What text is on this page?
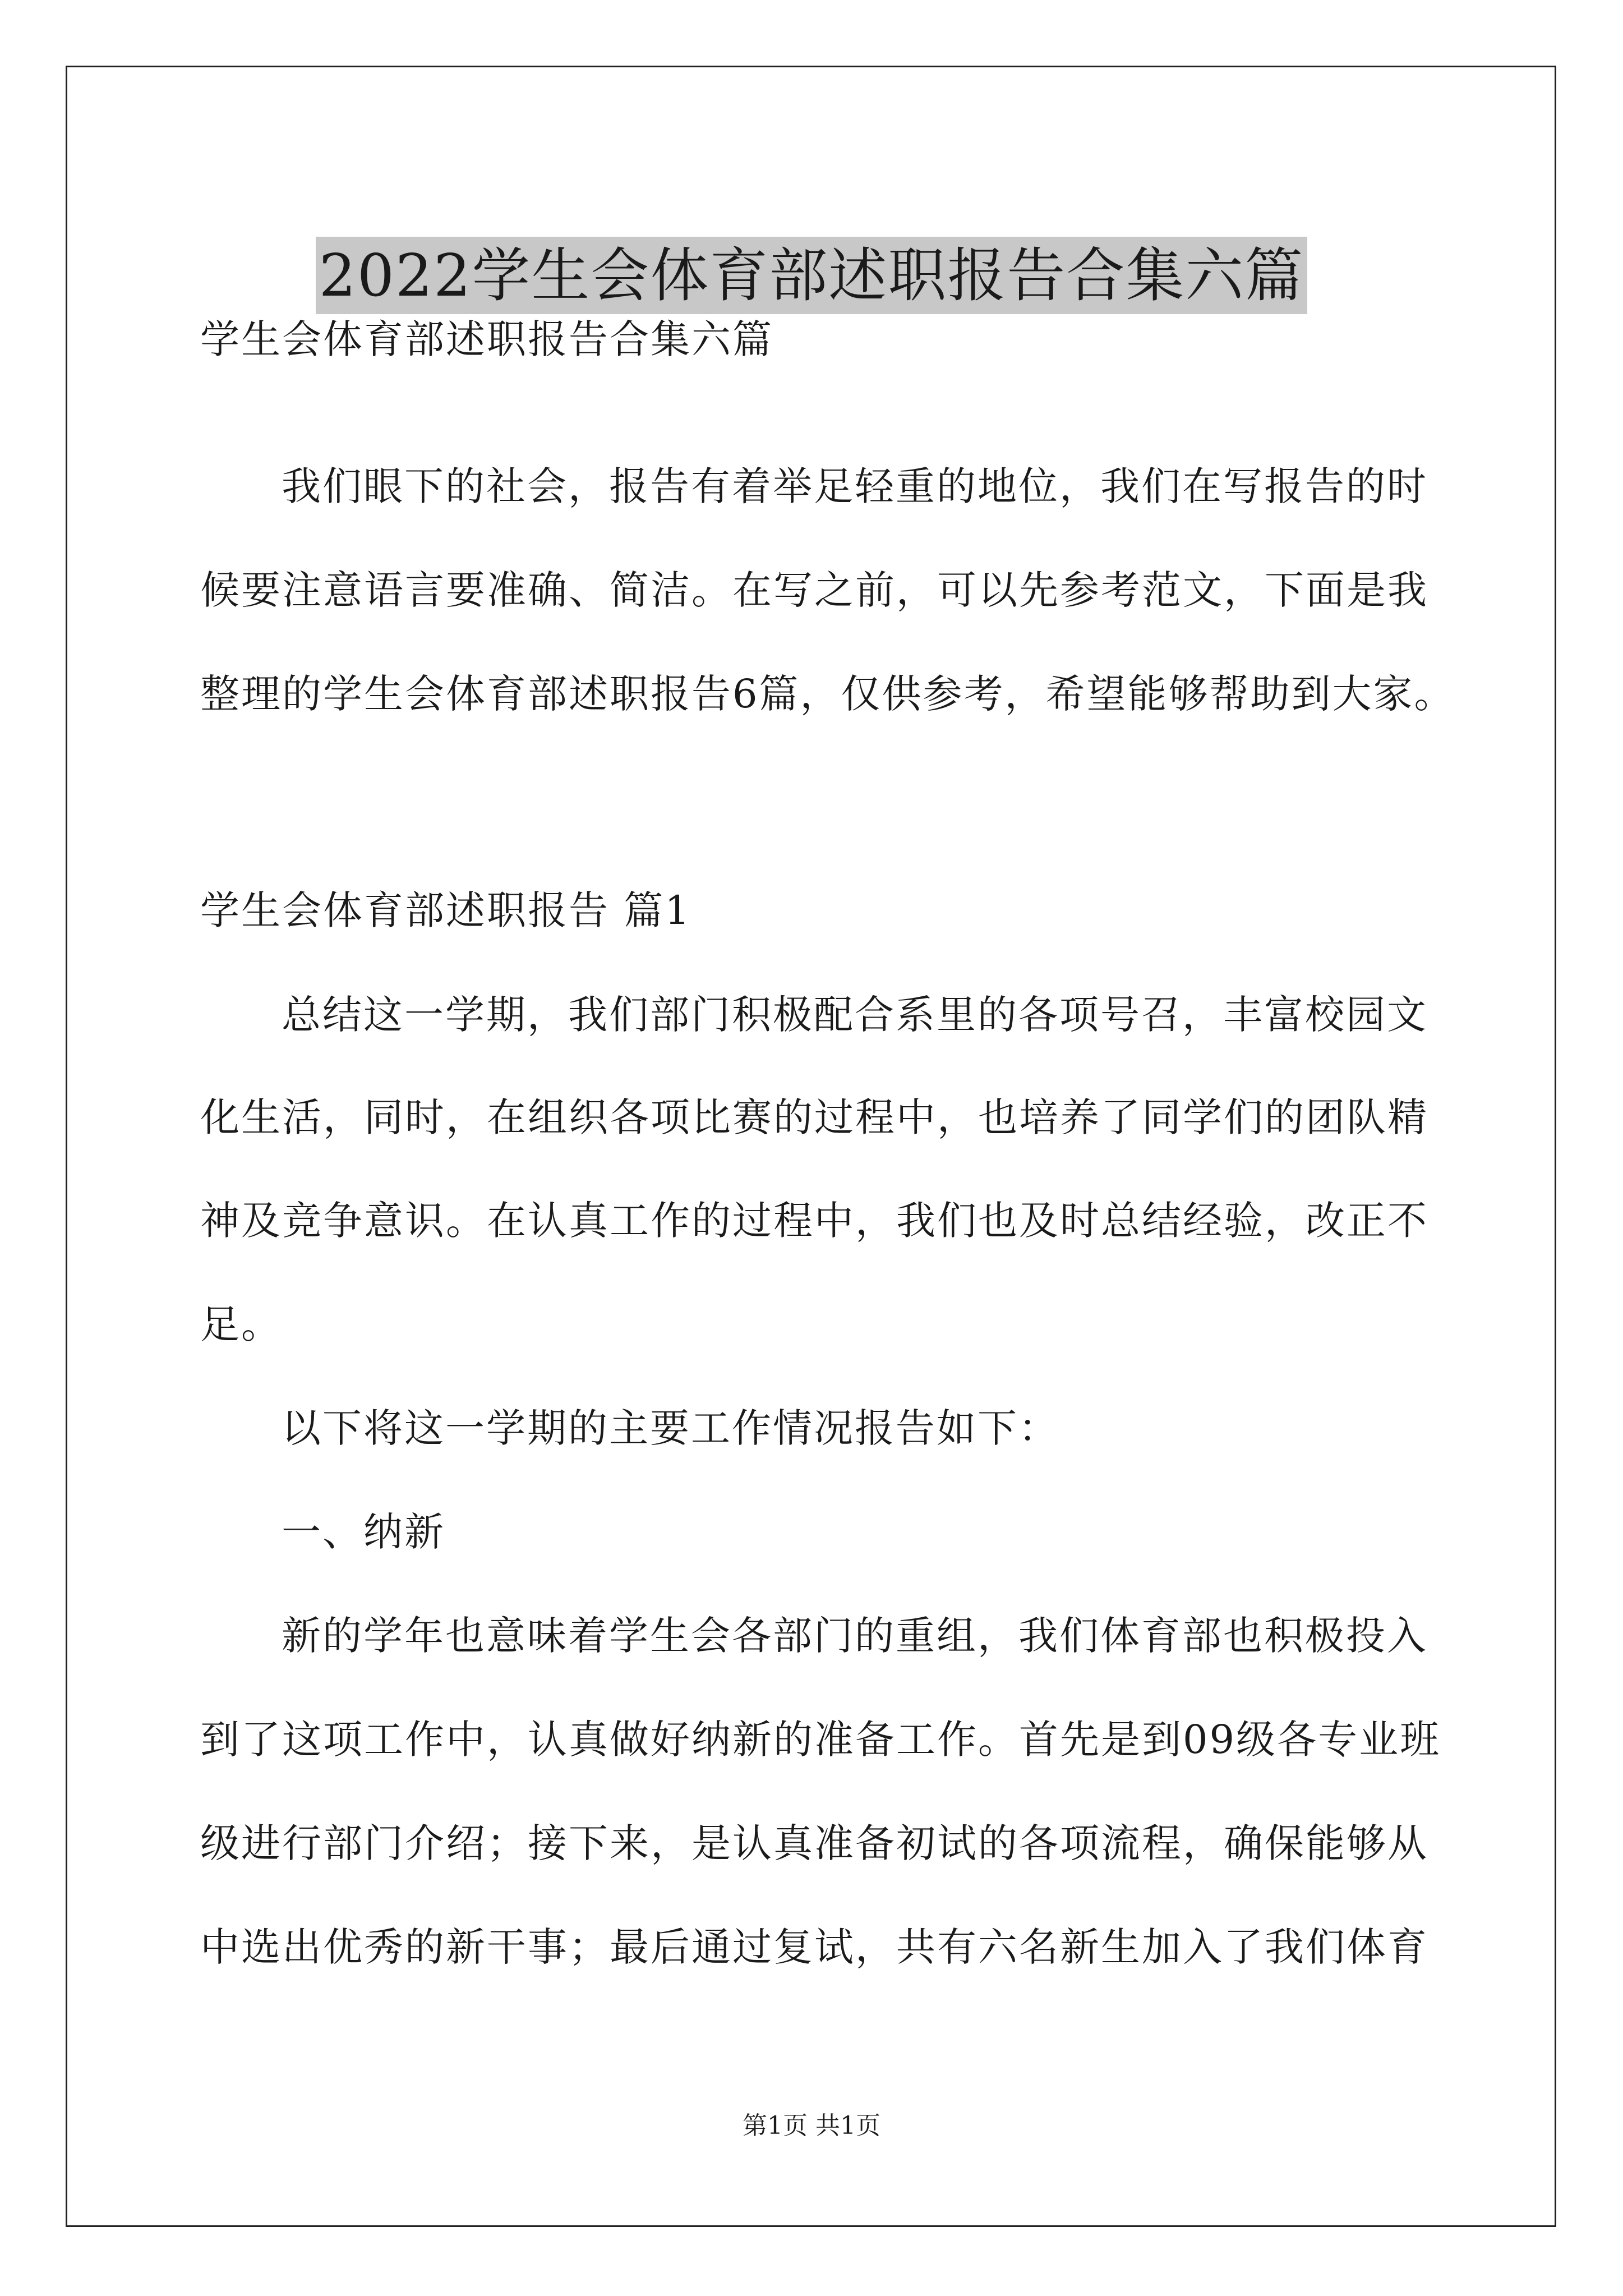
2022学生会体育部述职报告合集六篇
学生会体育部述职报告合集六篇
我们眼下的社会，报告有着举足轻重的地位，我们在写报告的时
候要注意语言要准确、简洁。在写之前，可以先参考范文，下面是我
整理的学生会体育部述职报告6篇，仅供参考，希望能够帮助到大家。
学生会体育部述职报告 篇1
总结这一学期，我们部门积极配合系里的各项号召，丰富校园文
化生活，同时，在组织各项比赛的过程中，也培养了同学们的团队精
神及竞争意识。在认真工作的过程中，我们也及时总结经验，改正不
足。
以下将这一学期的主要工作情况报告如下：
一、纳新
新的学年也意味着学生会各部门的重组，我们体育部也积极投入
到了这项工作中，认真做好纳新的准备工作。首先是到09级各专业班
级进行部门介绍；接下来，是认真准备初试的各项流程，确保能够从
中选出优秀的新干事；最后通过复试，共有六名新生加入了我们体育
第1页 共1页
